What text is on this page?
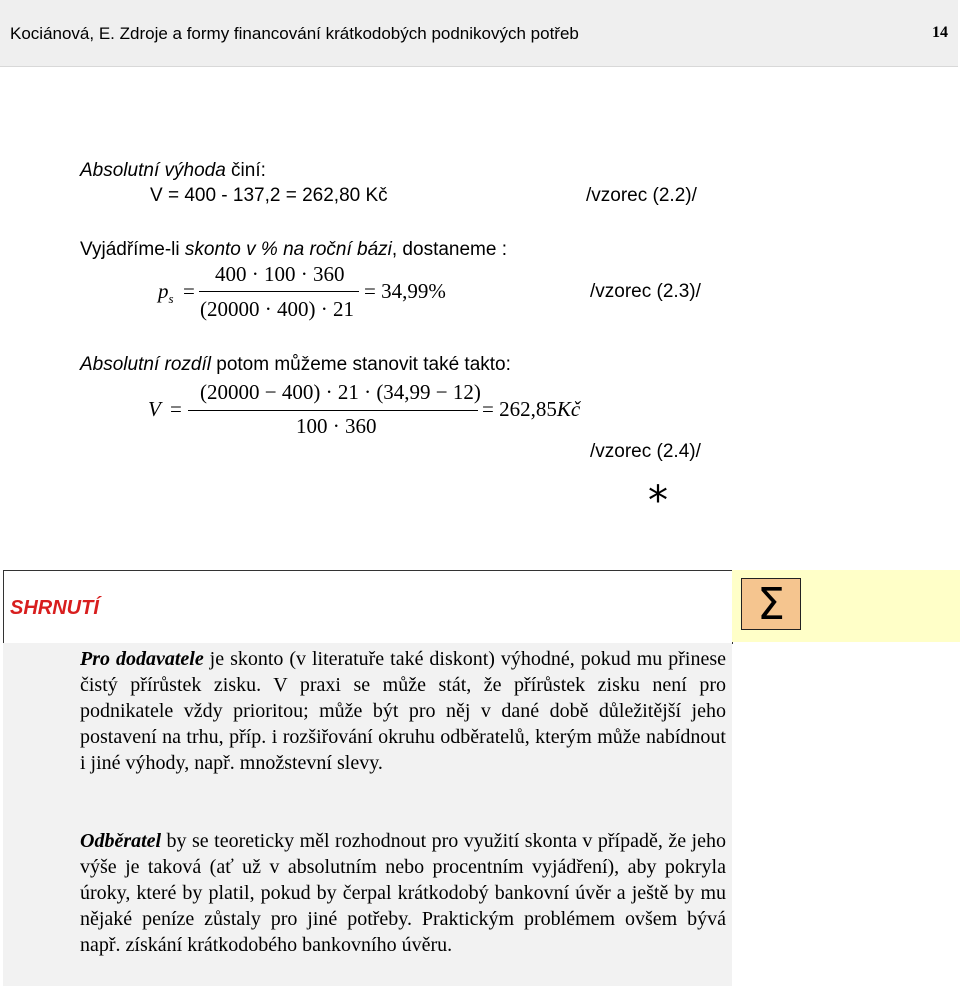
Kociánová, E. Zdroje a formy financování krátkodobých podnikových potřeb	14
Absolutní výhoda činí:
V = 400 - 137,2 = 262,80 Kč	/vzorec (2.2)/
Vyjádříme-li skonto v % na roční bázi, dostaneme :
$p_s$ =
400 · 100 · 360
(20000 · 400) · 21
= 34,99%	/vzorec (2.3)/
Absolutní rozdíl potom můžeme stanovit také takto:
V =
(20000 − 400) · 21 · (34,99 − 12)
100 · 360
= 262,85Kč
/vzorec (2.4)/
*
SHRNUTÍ	Σ
Pro dodavatele je skonto (v literatuře také diskont) výhodné, pokud mu přinese čistý přírůstek zisku. V praxi se může stát, že přírůstek zisku není pro podnikatele vždy prioritou; může být pro něj v dané době důležitější jeho postavení na trhu, příp. i rozšiřování okruhu odběratelů, kterým může nabídnout i jiné výhody, např. množstevní slevy.
Odběratel by se teoreticky měl rozhodnout pro využití skonta v případě, že jeho výše je taková (ať už v absolutním nebo procentním vyjádření), aby pokryla úroky, které by platil, pokud by čerpal krátkodobý bankovní úvěr a ještě by mu nějaké peníze zůstaly pro jiné potřeby. Praktickým problémem ovšem bývá např. získání krátkodobého bankovního úvěru.
